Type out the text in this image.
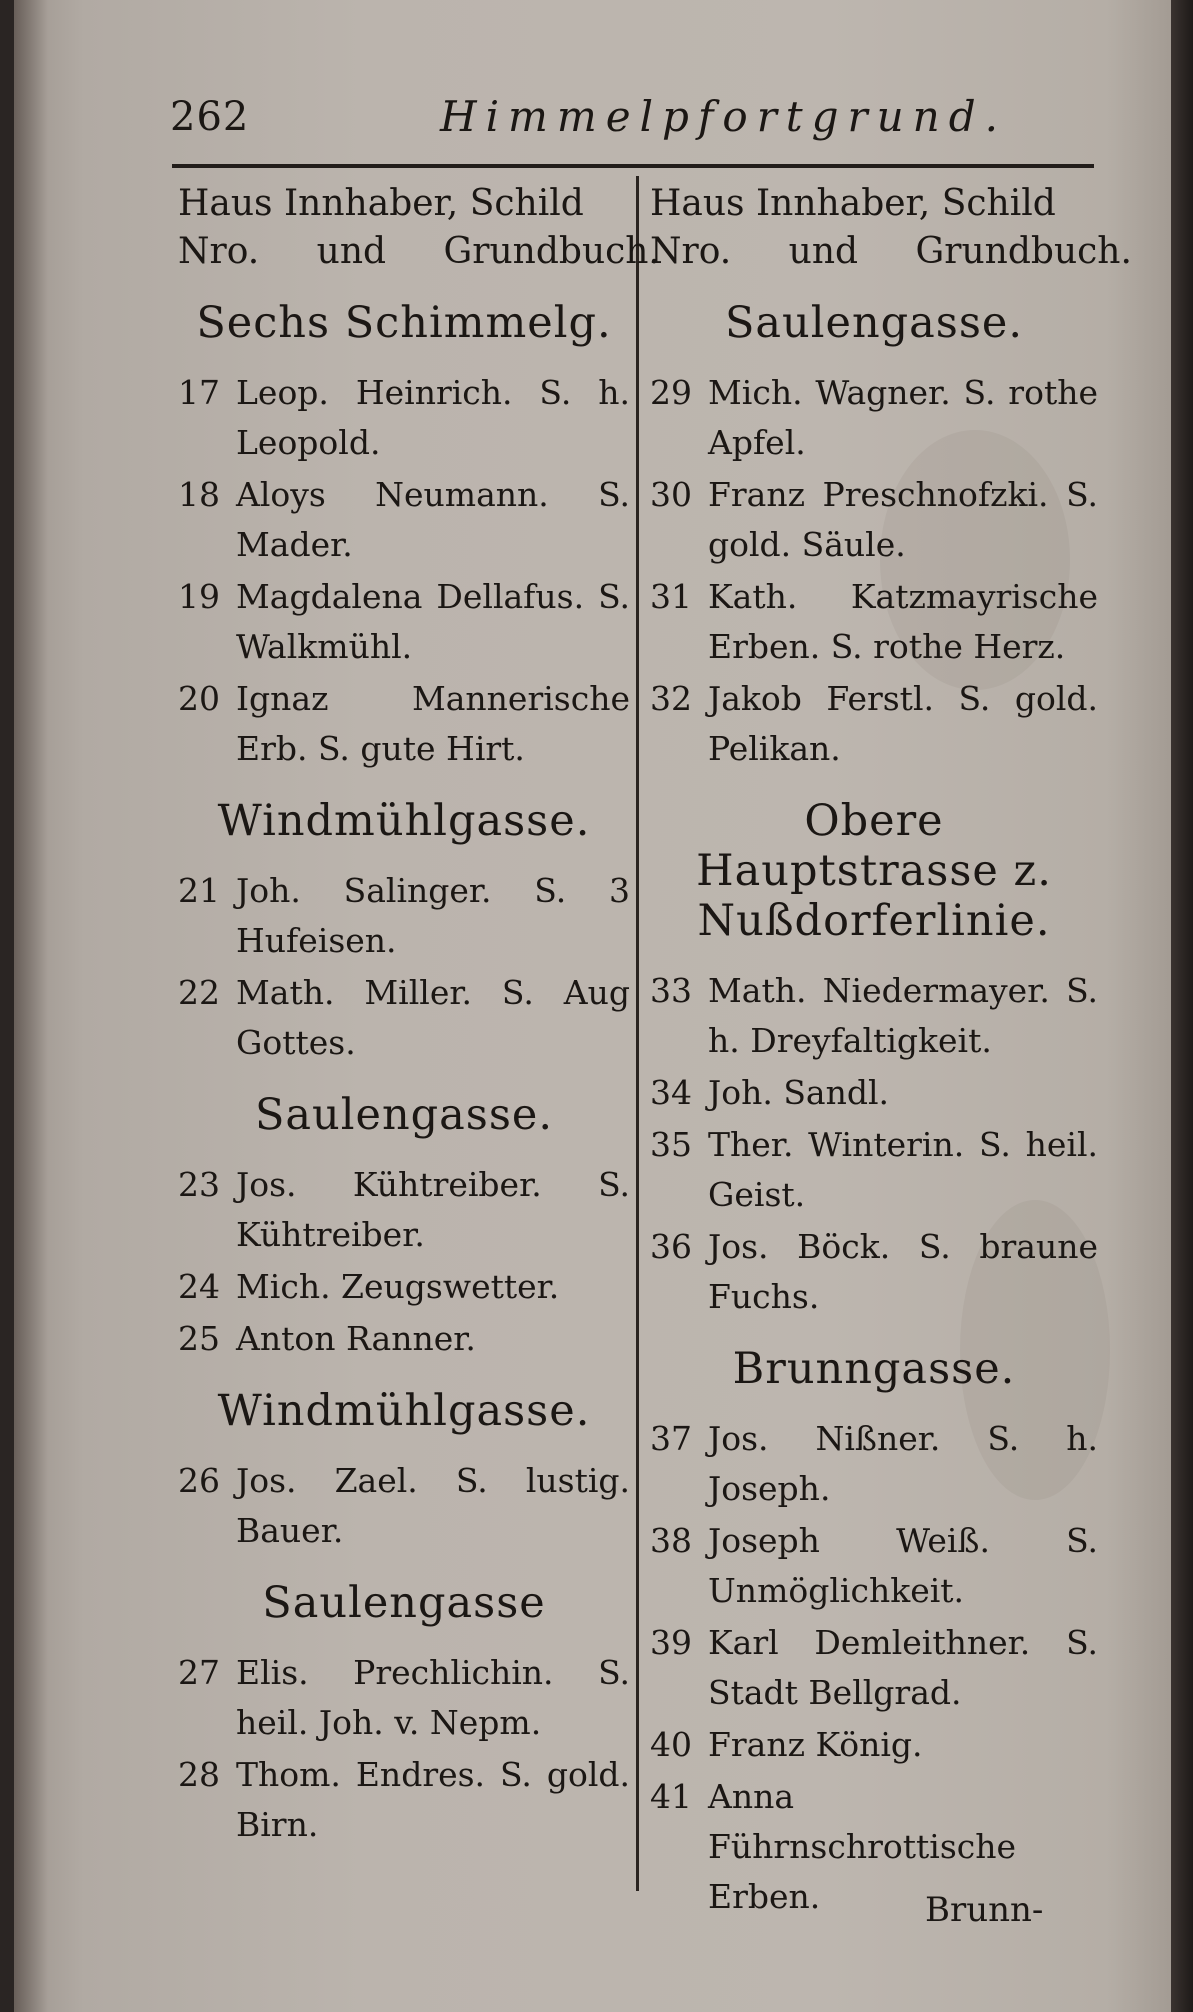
262	Himmelpfortgrund.
Haus Innhaber, Schild
Nro. und Grundbuch.
Sechs Schimmelg.
17 Leop. Heinrich. S. h. Leopold.
18 Aloys Neumann. S. Mader.
19 Magdalena Dellafus. S. Walkmühl.
20 Ignaz Mannerische Erb. S. gute Hirt.
Windmühlgasse.
21 Joh. Salinger. S. 3 Hufeisen.
22 Math. Miller. S. Aug Gottes.
Saulengasse.
23 Jos. Kühtreiber. S. Kühtreiber.
24 Mich. Zeugswetter.
25 Anton Ranner.
Windmühlgasse.
26 Jos. Zael. S. lustig. Bauer.
Saulengasse
27 Elis. Prechlichin. S. heil. Joh. v. Nepm.
28 Thom. Endres. S. gold. Birn.
Haus Innhaber, Schild
Nro. und Grundbuch.
Saulengasse.
29 Mich. Wagner. S. rothe Apfel.
30 Franz Preschnofzki. S. gold. Säule.
31 Kath. Katzmayrische Erben. S. rothe Herz.
32 Jakob Ferstl. S. gold. Pelikan.
Obere Hauptstrasse z. Nußdorferlinie.
33 Math. Niedermayer. S. h. Dreyfaltigkeit.
34 Joh. Sandl.
35 Ther. Winterin. S. heil. Geist.
36 Jos. Böck. S. braune Fuchs.
Brunngasse.
37 Jos. Nißner. S. h. Joseph.
38 Joseph Weiß. S. Unmöglichkeit.
39 Karl Demleithner. S. Stadt Bellgrad.
40 Franz König.
41 Anna Führnschrottische Erben.	Brunn-
